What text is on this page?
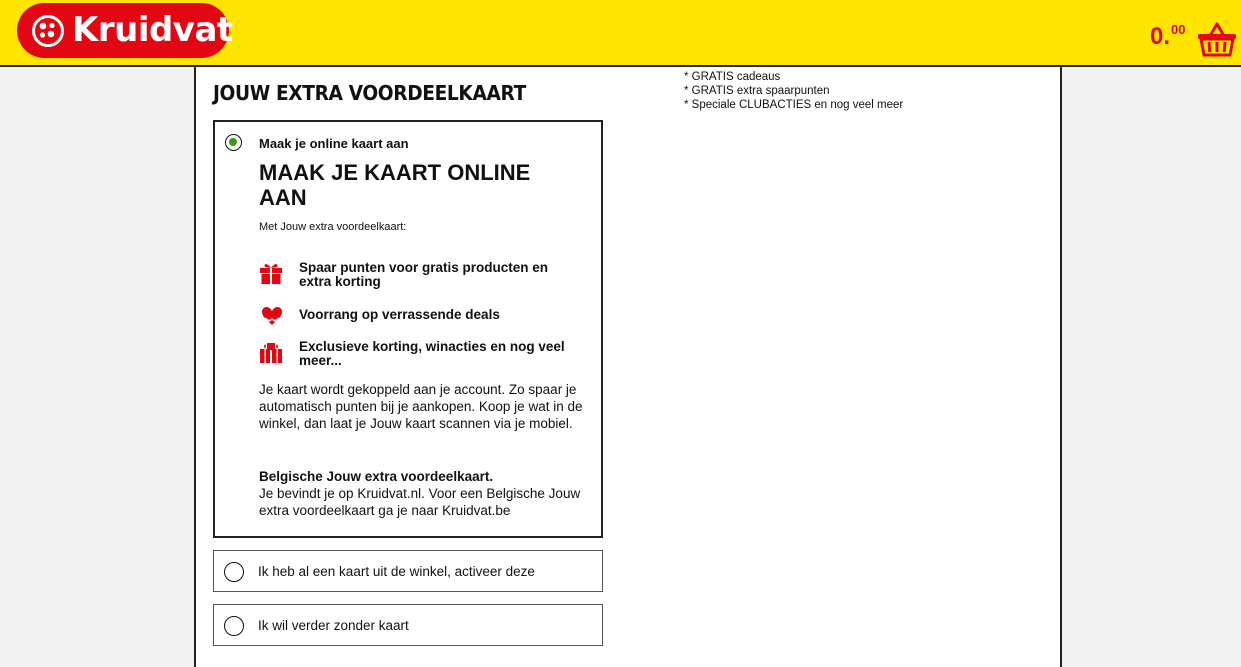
Kruidvat	0.00
JOUW EXTRA VOORDEELKAART
* GRATIS cadeaus
* GRATIS extra spaarpunten
* Speciale CLUBACTIES en nog veel meer
Maak je online kaart aan
MAAK JE KAART ONLINE AAN
Met Jouw extra voordeelkaart:
Spaar punten voor gratis producten en extra korting
Voorrang op verrassende deals
Exclusieve korting, winacties en nog veel meer...

Je kaart wordt gekoppeld aan je account. Zo spaar je automatisch punten bij je aankopen. Koop je wat in de winkel, dan laat je Jouw kaart scannen via je mobiel.

Belgische Jouw extra voordeelkaart.

Je bevindt je op Kruidvat.nl. Voor een Belgische Jouw extra voordeelkaart ga je naar Kruidvat.be

Ik heb al een kaart uit de winkel, activeer deze
Ik wil verder zonder kaart
